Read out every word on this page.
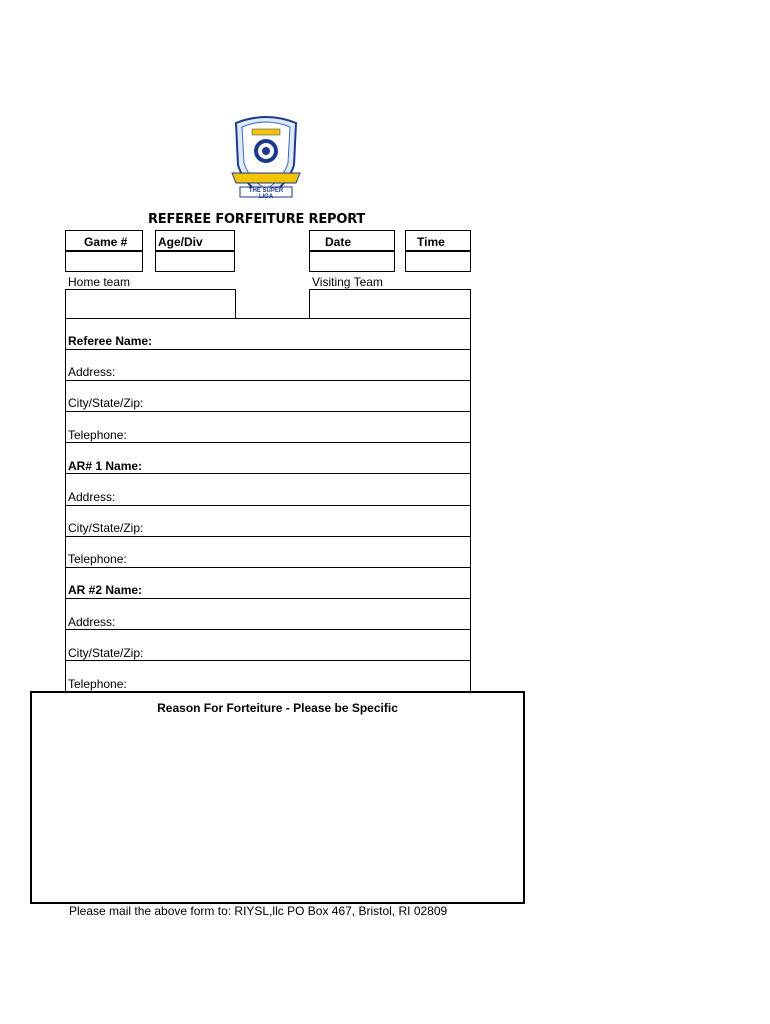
THE SUPER LIGA
REFEREE FORFEITURE REPORT
Game #	Age/Div	Date	Time
Home team	Visiting Team
Referee Name:
Address:
City/State/Zip:
Telephone:
AR# 1 Name:
Address:
City/State/Zip:
Telephone:
AR #2 Name:
Address:
City/State/Zip:
Telephone:
Reason For Forteiture - Please be Specific
Please mail the above form to: RIYSL,llc PO Box 467, Bristol, RI 02809
